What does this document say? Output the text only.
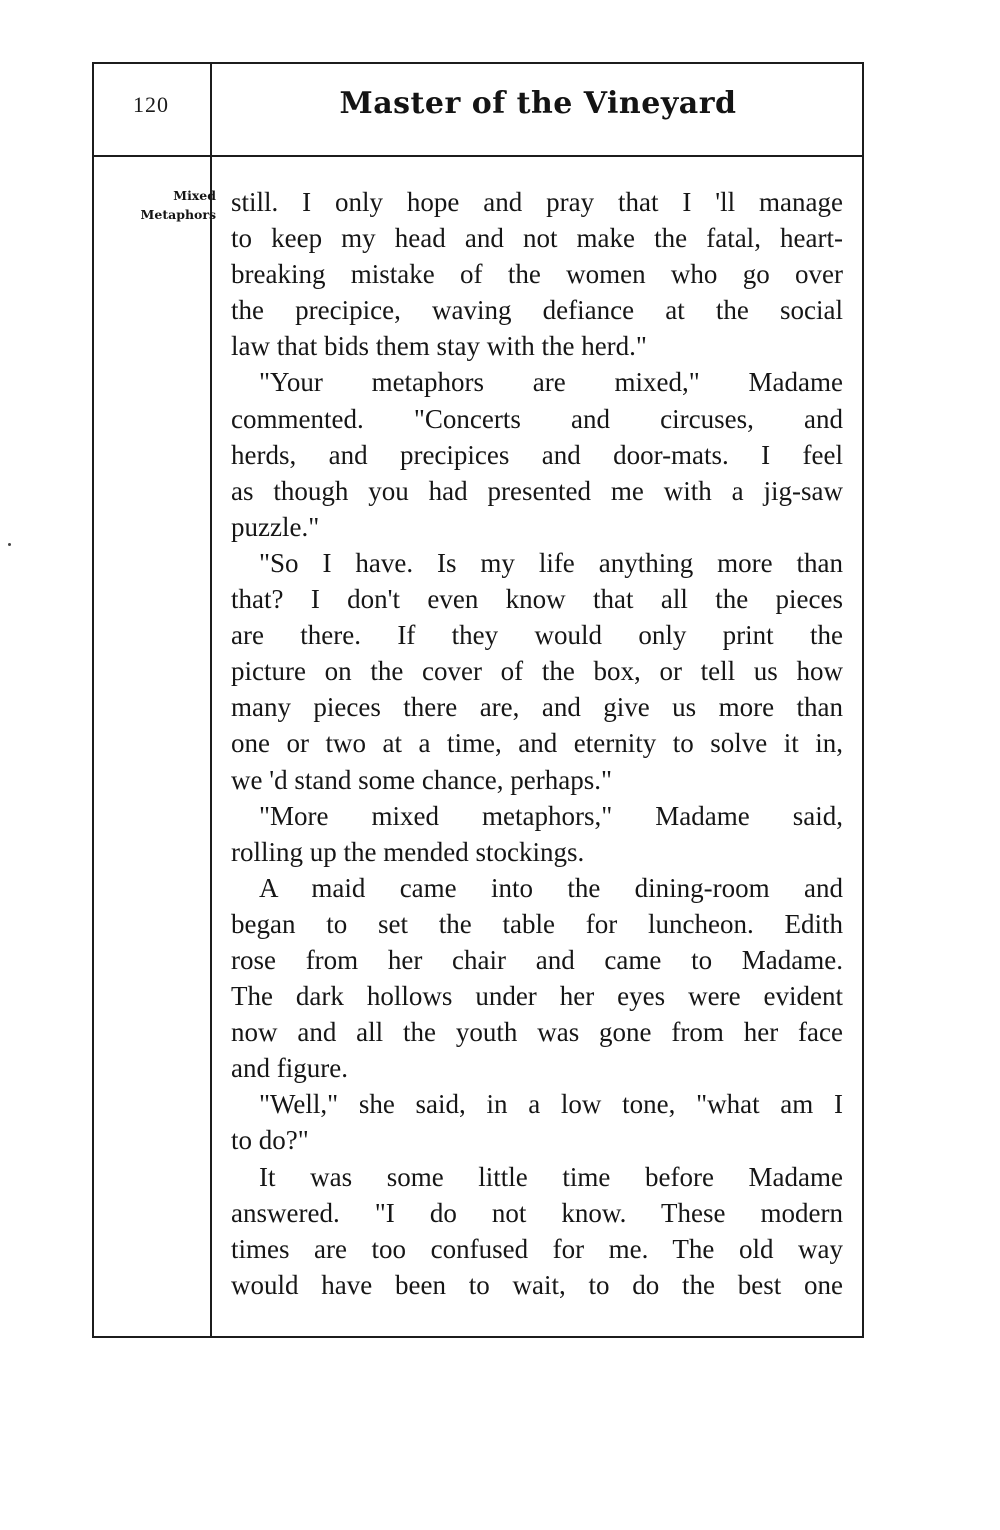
120	Master of the Vineyard
Mixed
Metaphors still. I only hope and pray that I 'll manage
to keep my head and not make the fatal, heart-
breaking mistake of the women who go over
the precipice, waving defiance at the social
law that bids them stay with the herd."
"Your metaphors are mixed," Madame
commented. "Concerts and circuses, and
herds, and precipices and door-mats. I feel
as though you had presented me with a jig-saw
puzzle."
"So I have. Is my life anything more than
that? I don't even know that all the pieces
are there. If they would only print the
picture on the cover of the box, or tell us how
many pieces there are, and give us more than
one or two at a time, and eternity to solve it in,
we 'd stand some chance, perhaps."
"More mixed metaphors," Madame said,
rolling up the mended stockings.
A maid came into the dining-room and
began to set the table for luncheon. Edith
rose from her chair and came to Madame.
The dark hollows under her eyes were evident
now and all the youth was gone from her face
and figure.
"Well," she said, in a low tone, "what am I
to do?"
It was some little time before Madame
answered. "I do not know. These modern
times are too confused for me. The old way
would have been to wait, to do the best one
